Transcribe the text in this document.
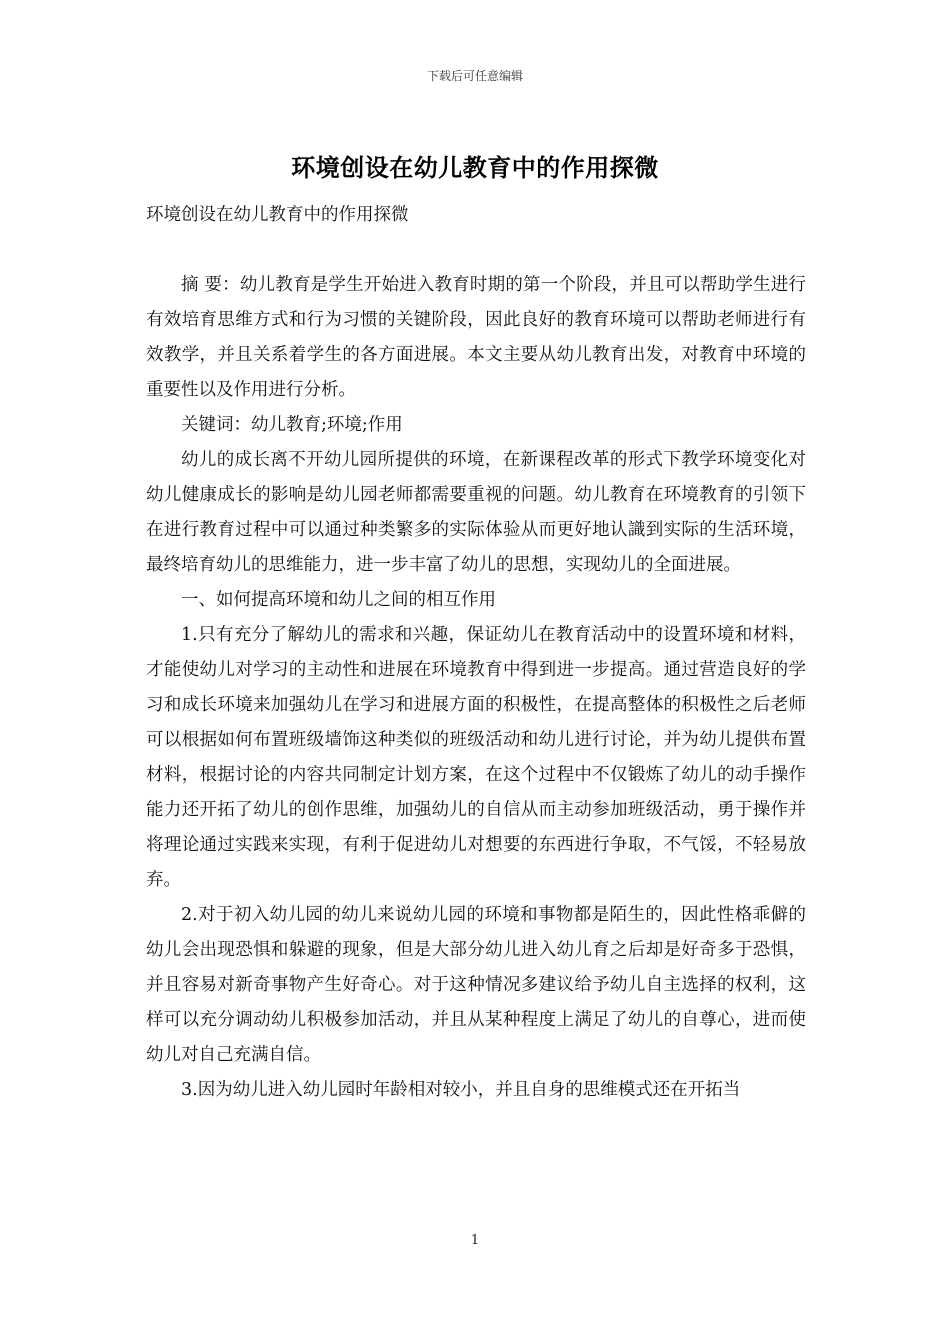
下载后可任意编辑
环境创设在幼儿教育中的作用探微

环境创设在幼儿教育中的作用探微

摘 要：幼儿教育是学生开始进入教育时期的第一个阶段，并且可以帮助学生进行有效培育思维方式和行为习惯的关键阶段，因此良好的教育环境可以帮助老师进行有效教学，并且关系着学生的各方面进展。本文主要从幼儿教育出发，对教育中环境的重要性以及作用进行分析。

关键词：幼儿教育;环境;作用

幼儿的成长离不开幼儿园所提供的环境，在新课程改革的形式下教学环境变化对幼儿健康成长的影响是幼儿园老师都需要重视的问题。幼儿教育在环境教育的引领下在进行教育过程中可以通过种类繁多的实际体验从而更好地认識到实际的生活环境，最终培育幼儿的思维能力，进一步丰富了幼儿的思想，实现幼儿的全面进展。

一、如何提高环境和幼儿之间的相互作用

1.只有充分了解幼儿的需求和兴趣，保证幼儿在教育活动中的设置环境和材料，才能使幼儿对学习的主动性和进展在环境教育中得到进一步提高。通过营造良好的学习和成长环境来加强幼儿在学习和进展方面的积极性，在提高整体的积极性之后老师可以根据如何布置班级墙饰这种类似的班级活动和幼儿进行讨论，并为幼儿提供布置材料，根据讨论的内容共同制定计划方案，在这个过程中不仅锻炼了幼儿的动手操作能力还开拓了幼儿的创作思维，加强幼儿的自信从而主动参加班级活动，勇于操作并将理论通过实践来实现，有利于促进幼儿对想要的东西进行争取，不气馁，不轻易放弃。

2.对于初入幼儿园的幼儿来说幼儿园的环境和事物都是陌生的，因此性格乖僻的幼儿会出现恐惧和躲避的现象，但是大部分幼儿进入幼儿育之后却是好奇多于恐惧，并且容易对新奇事物产生好奇心。对于这种情况多建议给予幼儿自主选择的权利，这样可以充分调动幼儿积极参加活动，并且从某种程度上满足了幼儿的自尊心，进而使幼儿对自己充满自信。

3.因为幼儿进入幼儿园时年龄相对较小，并且自身的思维模式还在开拓当

1
